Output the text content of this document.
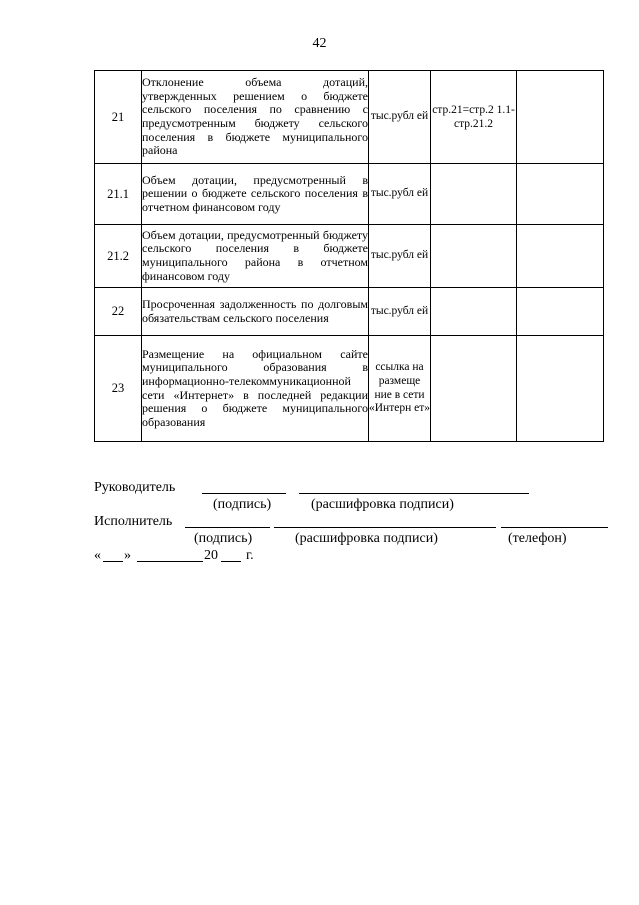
42
21	Отклонение объема дотаций, утвержденных решением о бюджете сельского поселения по сравнению с предусмотренным бюджету сельского поселения в бюджете муниципального района	тыс.рубл ей	стр.21=стр.2 1.1-стр.21.2	
21.1	Объем дотации, предусмотренный в решении о бюджете сельского поселения в отчетном финансовом году	тыс.рубл ей		
21.2	Объем дотации, предусмотренный бюджету сельского поселения в бюджете муниципального района в отчетном финансовом году	тыс.рубл ей		
22	Просроченная задолженность по долговым обязательствам сельского поселения	тыс.рубл ей		
23	Размещение на официальном сайте муниципального образования в информационно-телекоммуникационной сети «Интернет» в последней редакции решения о бюджете муниципального образования	ссылка на размеще ние в сети «Интерн ет»		
Руководитель
(подпись)	(расшифровка подписи)
Исполнитель
(подпись)	(расшифровка подписи)	(телефон)
« »	20 г.
